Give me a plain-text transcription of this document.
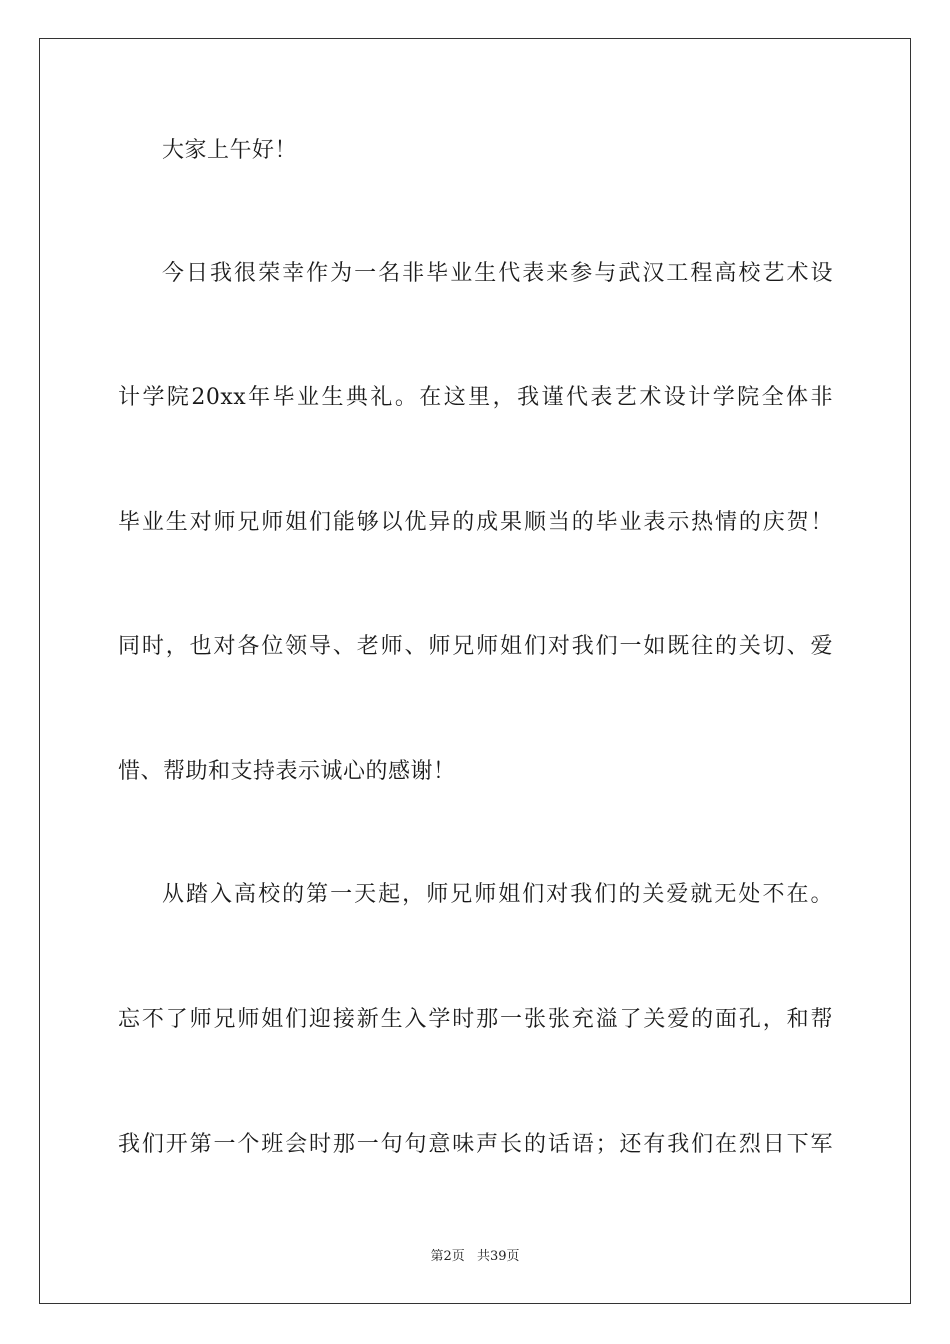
大家上午好！
今日我很荣幸作为一名非毕业生代表来参与武汉工程高校艺术设
计学院20xx年毕业生典礼。在这里，我谨代表艺术设计学院全体非
毕业生对师兄师姐们能够以优异的成果顺当的毕业表示热情的庆贺！
同时，也对各位领导、老师、师兄师姐们对我们一如既往的关切、爱
惜、帮助和支持表示诚心的感谢！
从踏入高校的第一天起，师兄师姐们对我们的关爱就无处不在。
忘不了师兄师姐们迎接新生入学时那一张张充溢了关爱的面孔，和帮
我们开第一个班会时那一句句意味声长的话语；还有我们在烈日下军
第2页 共39页
